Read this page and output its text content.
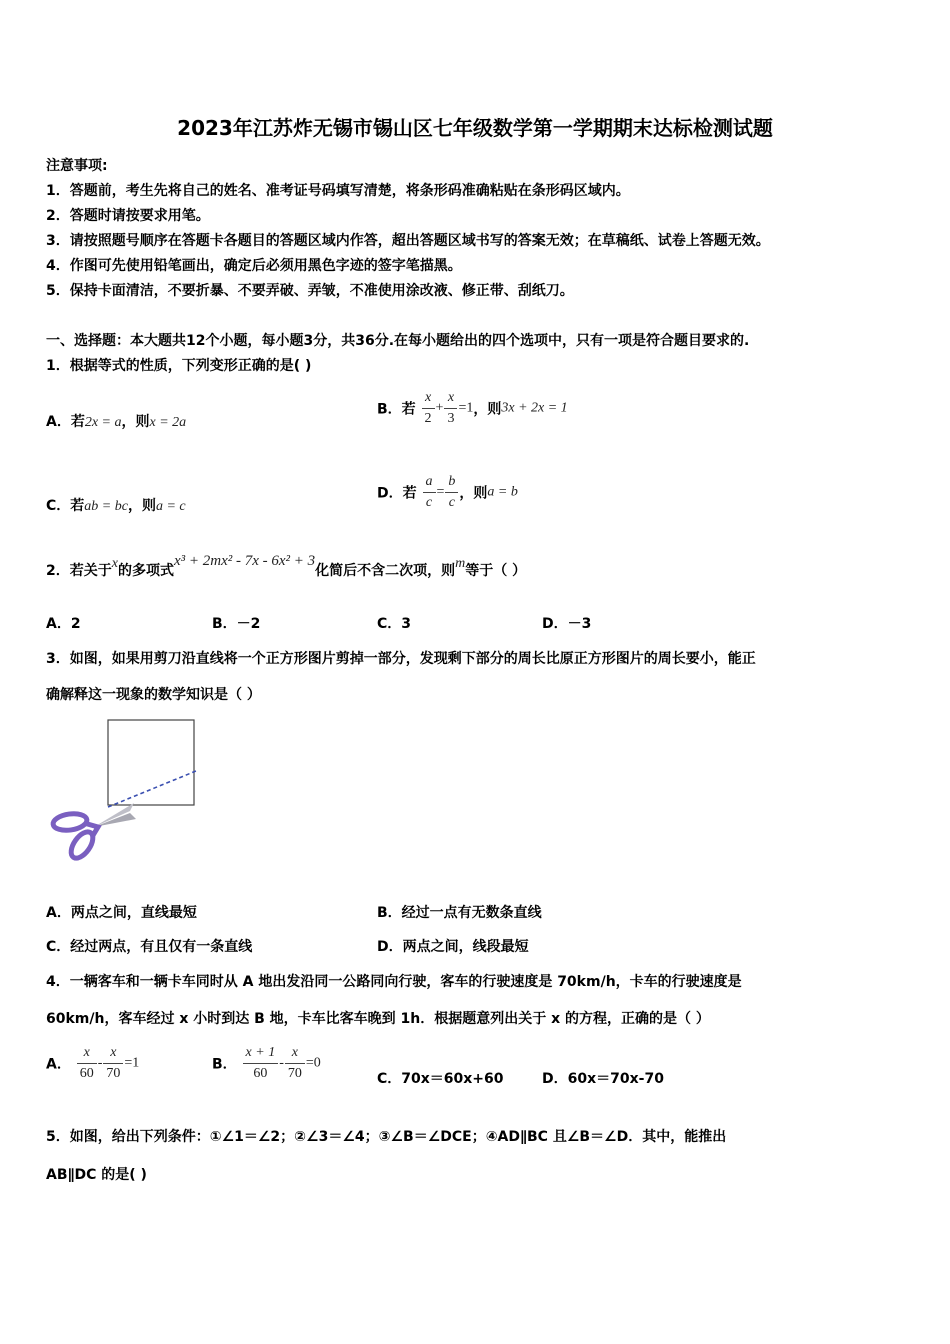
2023年江苏炸无锡市锡山区七年级数学第一学期期末达标检测试题
注意事项:
1．答题前，考生先将自己的姓名、准考证号码填写清楚，将条形码准确粘贴在条形码区域内。
2．答题时请按要求用笔。
3．请按照题号顺序在答题卡各题目的答题区域内作答，超出答题区域书写的答案无效；在草稿纸、试卷上答题无效。
4．作图可先使用铅笔画出，确定后必须用黑色字迹的签字笔描黑。
5．保持卡面清洁，不要折暴、不要弄破、弄皱，不准使用涂改液、修正带、刮纸刀。
一、选择题：本大题共12个小题，每小题3分，共36分.在每小题给出的四个选项中，只有一项是符合题目要求的.
1．根据等式的性质，下列变形正确的是( )
A．若2x = a，则x = 2a
B．若 $\frac{x}{2} + \frac{x}{3} =1$，则3x + 2x = 1
C．若ab = bc，则a = c
D．若 $\frac{a}{c} = \frac{b}{c}$ ，则a = b
2．若关于x的多项式x³ + 2mx² - 7x - 6x² + 3化简后不含二次项，则m等于（ ）
A．2	B．－2	C．3	D．－3
3．如图，如果用剪刀沿直线将一个正方形图片剪掉一部分，发现剩下部分的周长比原正方形图片的周长要小，能正
确解释这一现象的数学知识是（ ）
A．两点之间，直线最短	B．经过一点有无数条直线
C．经过两点，有且仅有一条直线	D．两点之间，线段最短
4．一辆客车和一辆卡车同时从 A 地出发沿同一公路同向行驶，客车的行驶速度是 70km/h，卡车的行驶速度是
60km/h，客车经过 x 小时到达 B 地，卡车比客车晚到 1h．根据题意列出关于 x 的方程，正确的是（ ）
A． $\frac{x}{60} - \frac{x}{70} =1$	B． $\frac{x + 1}{60} - \frac{x}{70} =0$
C．70x＝60x+60	D．60x＝70x-70
5．如图，给出下列条件：①∠1＝∠2；②∠3＝∠4；③∠B＝∠DCE；④AD∥BC 且∠B＝∠D．其中，能推出
AB∥DC 的是( )
